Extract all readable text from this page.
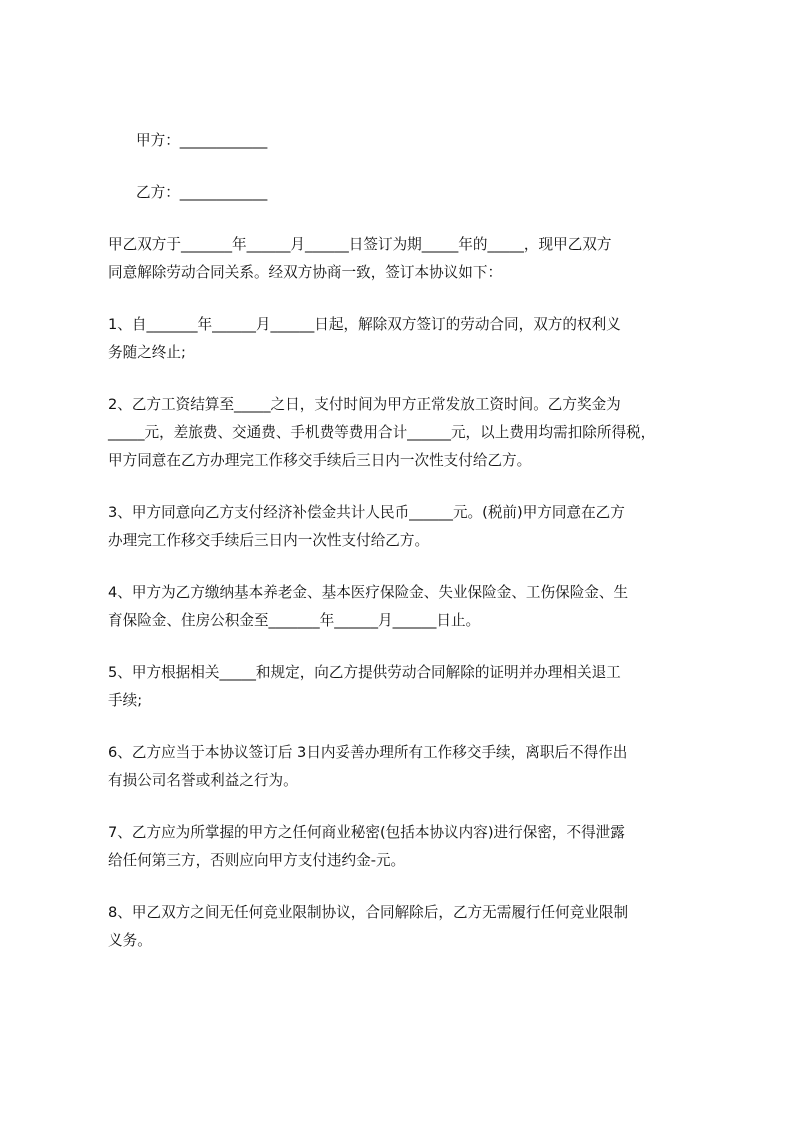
甲方：____________
乙方：____________
甲乙双方于_______年______月______日签订为期_____年的_____，现甲乙双方
同意解除劳动合同关系。经双方协商一致，签订本协议如下：
1、自_______年______月______日起，解除双方签订的劳动合同，双方的权利义
务随之终止;
2、乙方工资结算至_____之日，支付时间为甲方正常发放工资时间。乙方奖金为
_____元，差旅费、交通费、手机费等费用合计______元，以上费用均需扣除所得税，
甲方同意在乙方办理完工作移交手续后三日内一次性支付给乙方。
3、甲方同意向乙方支付经济补偿金共计人民币______元。(税前)甲方同意在乙方
办理完工作移交手续后三日内一次性支付给乙方。
4、甲方为乙方缴纳基本养老金、基本医疗保险金、失业保险金、工伤保险金、生
育保险金、住房公积金至_______年______月______日止。
5、甲方根据相关_____和规定，向乙方提供劳动合同解除的证明并办理相关退工
手续;
6、乙方应当于本协议签订后 3日内妥善办理所有工作移交手续，离职后不得作出
有损公司名誉或利益之行为。
7、乙方应为所掌握的甲方之任何商业秘密(包括本协议内容)进行保密，不得泄露
给任何第三方，否则应向甲方支付违约金-元。
8、甲乙双方之间无任何竞业限制协议，合同解除后，乙方无需履行任何竞业限制
义务。
